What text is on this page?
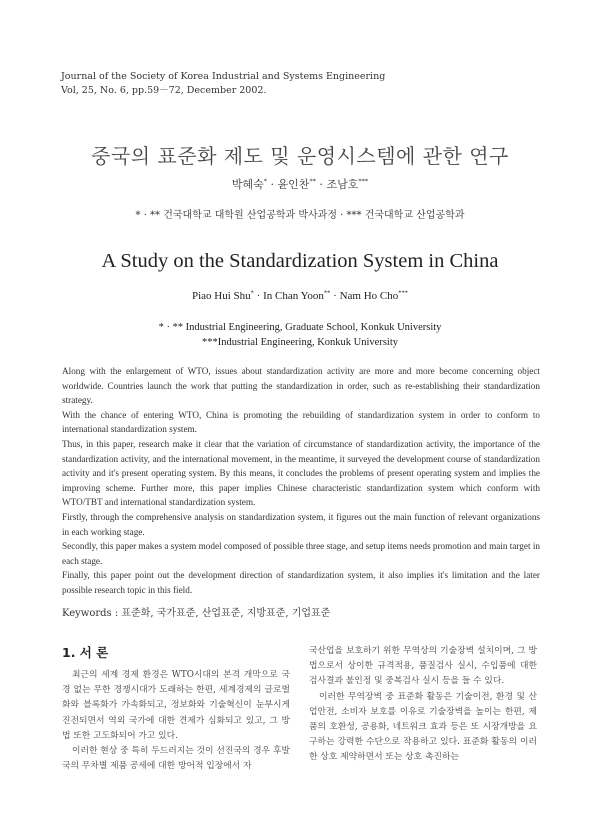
Journal of the Society of Korea Industrial and Systems Engineering
Vol, 25, No. 6, pp.59－72, December 2002.
중국의 표준화 제도 및 운영시스템에 관한 연구
박혜숙* · 윤인찬** · 조남호***
* · ** 건국대학교 대학원 산업공학과 박사과정 · *** 건국대학교 산업공학과
A Study on the Standardization System in China
Piao Hui Shu* · In Chan Yoon** · Nam Ho Cho***
* · ** Industrial Engineering, Graduate School, Konkuk University
***Industrial Engineering, Konkuk University

Along with the enlargement of WTO, issues about standardization activity are more and more become concerning object worldwide. Countries launch the work that putting the standardization in order, such as re-establishing their standardization strategy.

With the chance of entering WTO, China is promoting the rebuilding of standardization system in order to conform to international standardization system.

Thus, in this paper, research make it clear that the variation of circumstance of standardization activity, the importance of the standardization activity, and the international movement, in the meantime, it surveyed the development course of standardization activity and it's present operating system. By this means, it concludes the problems of present operating system and implies the improving scheme. Further more, this paper implies Chinese characteristic standardization system which conform with WTO/TBT and international standardization system.

Firstly, through the comprehensive analysis on standardization system, it figures out the main function of relevant organizations in each working stage.

Secondly, this paper makes a system model composed of possible three stage, and setup items needs promotion and main target in each stage.

Finally, this paper point out the development direction of standardization system, it also implies it's limitation and the later possible research topic in this field.

Keywords : 표준화, 국가표준, 산업표준, 지방표준, 기업표준
1. 서 론

최근의 세계 경제 환경은 WTO시대의 본격 개막으로 국경 없는 무한 경쟁시대가 도래하는 한편, 세계경제의 글로벌화와 블록화가 가속화되고, 정보화와 기술혁신이 눈부시게 진전되면서 역외 국가에 대한 견제가 심화되고 있고, 그 방법 또한 고도화되어 가고 있다.

이러한 현상 중 특히 두드러지는 것이 선진국의 경우 후발국의 무차별 제품 공세에 대한 방어적 입장에서 자

국산업을 보호하기 위한 무역상의 기술장벽 설치이며, 그 방법으로서 상이한 규격적용, 품질검사 실시, 수입품에 대한 검사결과 불인정 및 중복검사 실시 등을 들 수 있다.

이러한 무역장벽 중 표준화 활동은 기술이전, 환경 및 산업안전, 소비자 보호를 이유로 기술장벽을 높이는 한편, 제품의 호환성, 공용화, 네트워크 효과 등은 또 시장개방을 요구하는 강력한 수단으로 작용하고 있다. 표준화 활동의 이러한 상호 제약하면서 또는 상호 촉진하는
